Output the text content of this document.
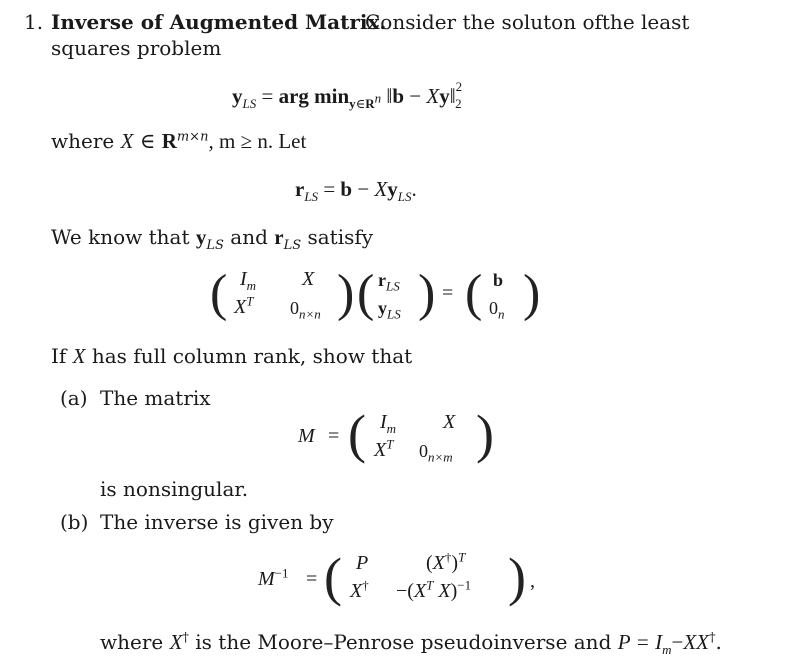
1. Inverse of Augmented Matrix.
Consider the soluton ofthe least
squares problem
$y_{LS}$ = arg $\min_{y\in R^n}$ ‖b − Xy‖$^2_2$
where X ∈ $R^{m\times n}$, m ≥ n. Let
$r_{LS} = b - Xy_{LS}$.
We know that $y_{LS}$ and $r_{LS}$ satisfy
( $I_m$ X
$X^T$ $0_{n\times n}$ ) ( $r_{LS}$
$y_{LS}$ ) = ( b
$0_n$ )
If X has full column rank, show that
(a) The matrix
M = ( $I_m$ X
$X^T$ $0_{n\times m}$ )
is nonsingular.
(b) The inverse is given by
$M^{-1}$ = ( P	$(X^\dagger)^T$
$X^\dagger -(X^T$ X)$^{-1}$ ) ,
where X† is the Moore–Penrose pseudoinverse and $P = I_m-XX^\dagger$.
